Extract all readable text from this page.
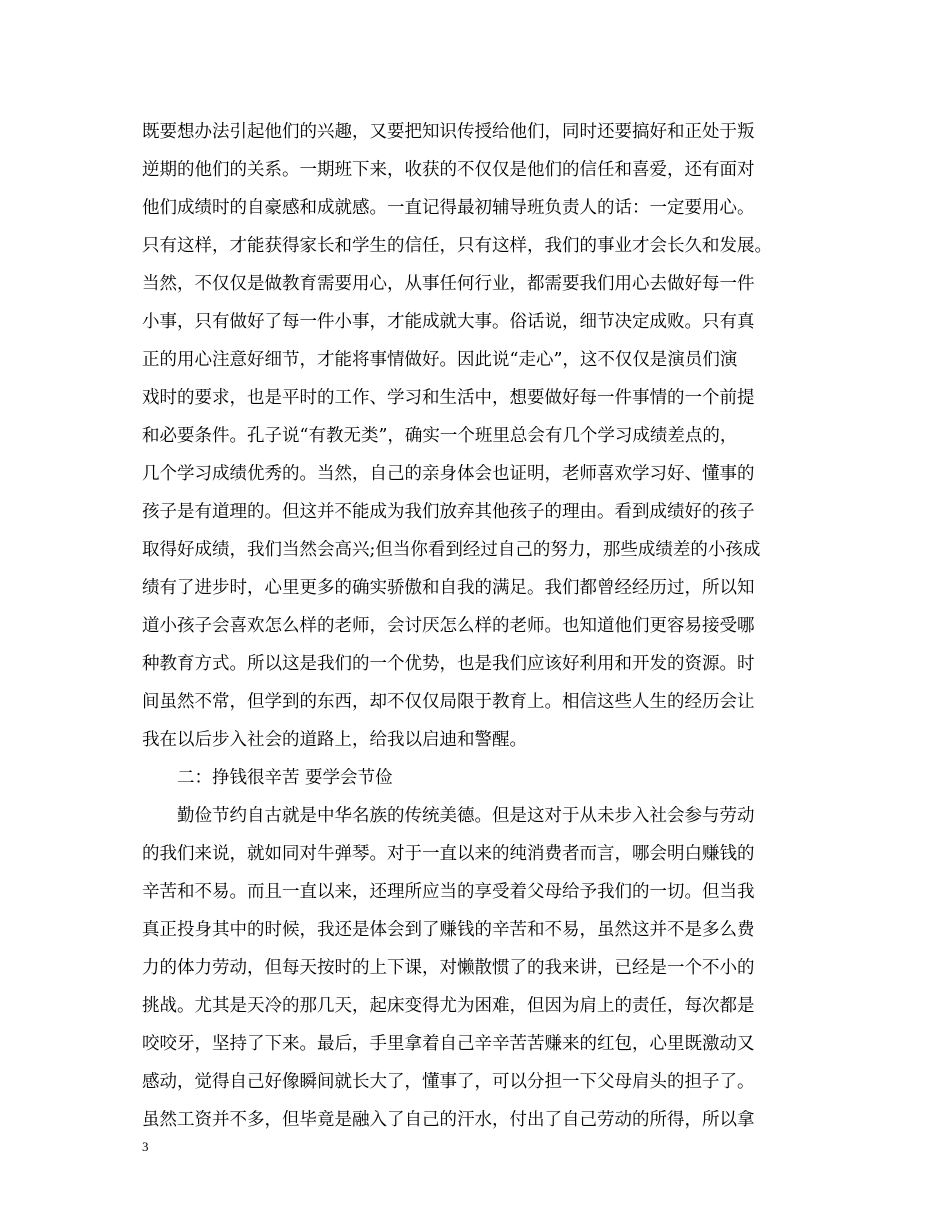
既要想办法引起他们的兴趣，又要把知识传授给他们，同时还要搞好和正处于叛
逆期的他们的关系。一期班下来，收获的不仅仅是他们的信任和喜爱，还有面对
他们成绩时的自豪感和成就感。一直记得最初辅导班负责人的话：一定要用心。
只有这样，才能获得家长和学生的信任，只有这样，我们的事业才会长久和发展。
当然，不仅仅是做教育需要用心，从事任何行业，都需要我们用心去做好每一件
小事，只有做好了每一件小事，才能成就大事。俗话说，细节决定成败。只有真
正的用心注意好细节，才能将事情做好。因此说“走心”，这不仅仅是演员们演
戏时的要求，也是平时的工作、学习和生活中，想要做好每一件事情的一个前提
和必要条件。孔子说“有教无类”，确实一个班里总会有几个学习成绩差点的，
几个学习成绩优秀的。当然，自己的亲身体会也证明，老师喜欢学习好、懂事的
孩子是有道理的。但这并不能成为我们放弃其他孩子的理由。看到成绩好的孩子
取得好成绩，我们当然会高兴;但当你看到经过自己的努力，那些成绩差的小孩成
绩有了进步时，心里更多的确实骄傲和自我的满足。我们都曾经经历过，所以知
道小孩子会喜欢怎么样的老师，会讨厌怎么样的老师。也知道他们更容易接受哪
种教育方式。所以这是我们的一个优势，也是我们应该好利用和开发的资源。时
间虽然不常，但学到的东西，却不仅仅局限于教育上。相信这些人生的经历会让
我在以后步入社会的道路上，给我以启迪和警醒。
二：挣钱很辛苦 要学会节俭
勤俭节约自古就是中华名族的传统美德。但是这对于从未步入社会参与劳动
的我们来说，就如同对牛弹琴。对于一直以来的纯消费者而言，哪会明白赚钱的
辛苦和不易。而且一直以来，还理所应当的享受着父母给予我们的一切。但当我
真正投身其中的时候，我还是体会到了赚钱的辛苦和不易，虽然这并不是多么费
力的体力劳动，但每天按时的上下课，对懒散惯了的我来讲，已经是一个不小的
挑战。尤其是天冷的那几天，起床变得尤为困难，但因为肩上的责任，每次都是
咬咬牙，坚持了下来。最后，手里拿着自己辛辛苦苦赚来的红包，心里既激动又
感动，觉得自己好像瞬间就长大了，懂事了，可以分担一下父母肩头的担子了。
虽然工资并不多，但毕竟是融入了自己的汗水，付出了自己劳动的所得，所以拿
3
